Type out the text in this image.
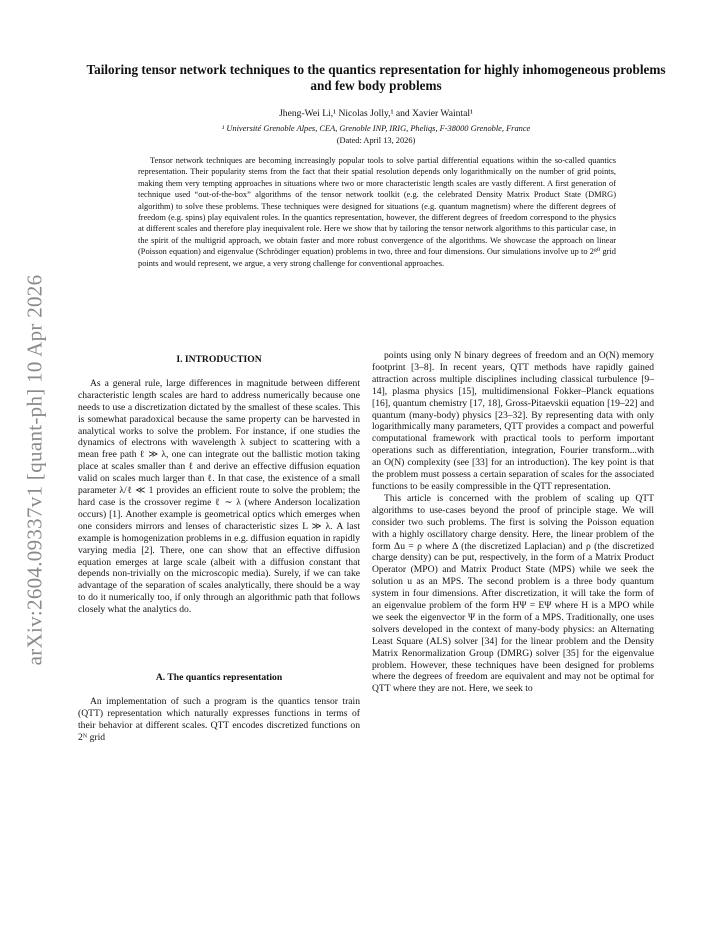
arXiv:2604.09337v1 [quant-ph] 10 Apr 2026
Tailoring tensor network techniques to the quantics representation for highly inhomogeneous problems and few body problems
Jheng-Wei Li,¹ Nicolas Jolly,¹ and Xavier Waintal¹
¹ Université Grenoble Alpes, CEA, Grenoble INP, IRIG, Pheliqs, F-38000 Grenoble, France
(Dated: April 13, 2026)

Tensor network techniques are becoming increasingly popular tools to solve partial differential equations within the so-called quantics representation. Their popularity stems from the fact that their spatial resolution depends only logarithmically on the number of grid points, making them very tempting approaches in situations where two or more characteristic length scales are vastly different. A first generation of technique used “out-of-the-box” algorithms of the tensor network toolkit (e.g. the celebrated Density Matrix Product State (DMRG) algorithm) to solve these problems. These techniques were designed for situations (e.g. quantum magnetism) where the different degrees of freedom (e.g. spins) play equivalent roles. In the quantics representation, however, the different degrees of freedom correspond to the physics at different scales and therefore play inequivalent role. Here we show that by tailoring the tensor network algorithms to this particular case, in the spirit of the multigrid approach, we obtain faster and more robust convergence of the algorithms. We showcase the approach on linear (Poisson equation) and eigenvalue (Schrödinger equation) problems in two, three and four dimensions. Our simulations involve up to 2⁸⁰ grid points and would represent, we argue, a very strong challenge for conventional approaches.

I. INTRODUCTION

As a general rule, large differences in magnitude between different characteristic length scales are hard to address numerically because one needs to use a discretization dictated by the smallest of these scales. This is somewhat paradoxical because the same property can be harvested in analytical works to solve the problem. For instance, if one studies the dynamics of electrons with wavelength λ subject to scattering with a mean free path ℓ ≫ λ, one can integrate out the ballistic motion taking place at scales smaller than ℓ and derive an effective diffusion equation valid on scales much larger than ℓ. In that case, the existence of a small parameter λ/ℓ ≪ 1 provides an efficient route to solve the problem; the hard case is the crossover regime ℓ ∼ λ (where Anderson localization occurs) [1]. Another example is geometrical optics which emerges when one considers mirrors and lenses of characteristic sizes L ≫ λ. A last example is homogenization problems in e.g. diffusion equation in rapidly varying media [2]. There, one can show that an effective diffusion equation emerges at large scale (albeit with a diffusion constant that depends non-trivially on the microscopic media). Surely, if we can take advantage of the separation of scales analytically, there should be a way to do it numerically too, if only through an algorithmic path that follows closely what the analytics do.

A. The quantics representation

An implementation of such a program is the quantics tensor train (QTT) representation which naturally expresses functions in terms of their behavior at different scales. QTT encodes discretized functions on 2ᴺ grid

points using only N binary degrees of freedom and an O(N) memory footprint [3–8]. In recent years, QTT methods have rapidly gained attraction across multiple disciplines including classical turbulence [9–14], plasma physics [15], multidimensional Fokker–Planck equations [16], quantum chemistry [17, 18], Gross-Pitaevskii equation [19–22] and quantum (many-body) physics [23–32]. By representing data with only logarithmically many parameters, QTT provides a compact and powerful computational framework with practical tools to perform important operations such as differentiation, integration, Fourier transform...with an O(N) complexity (see [33] for an introduction). The key point is that the problem must possess a certain separation of scales for the associated functions to be easily compressible in the QTT representation.

This article is concerned with the problem of scaling up QTT algorithms to use-cases beyond the proof of principle stage. We will consider two such problems. The first is solving the Poisson equation with a highly oscillatory charge density. Here, the linear problem of the form Δu = ρ where Δ (the discretized Laplacian) and ρ (the discretized charge density) can be put, respectively, in the form of a Matrix Product Operator (MPO) and Matrix Product State (MPS) while we seek the solution u as an MPS. The second problem is a three body quantum system in four dimensions. After discretization, it will take the form of an eigenvalue problem of the form HΨ = EΨ where H is a MPO while we seek the eigenvector Ψ in the form of a MPS. Traditionally, one uses solvers developed in the context of many-body physics: an Alternating Least Square (ALS) solver [34] for the linear problem and the Density Matrix Renormalization Group (DMRG) solver [35] for the eigenvalue problem. However, these techniques have been designed for problems where the degrees of freedom are equivalent and may not be optimal for QTT where they are not. Here, we seek to
